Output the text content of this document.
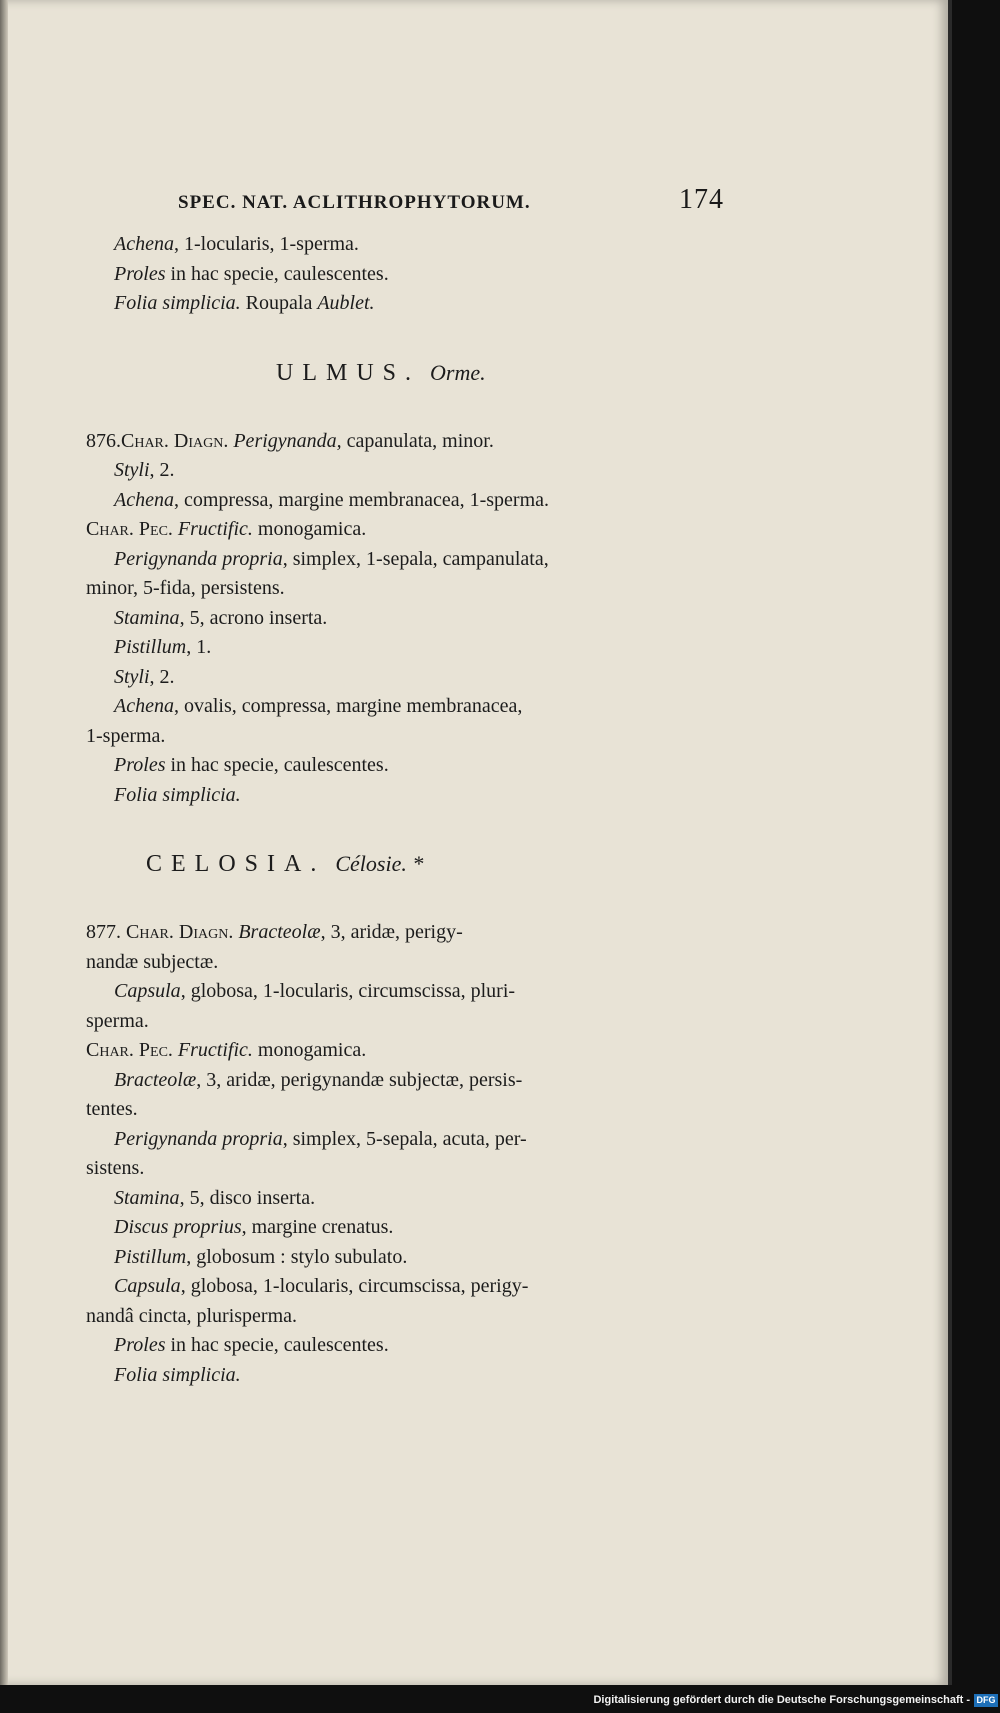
SPEC. NAT. ACLITHROPHYTORUM.	174
Achena, 1-locularis, 1-sperma.
Proles in hac specie, caulescentes.
Folia simplicia. Roupala Aublet.
ULMUS. Orme.
876.Char. Diagn. Perigynanda, capanulata, minor.
Styli, 2.
Achena, compressa, margine membranacea, 1-sperma.
Char. Pec. Fructific. monogamica.
Perigynanda propria, simplex, 1-sepala, campanulata,
minor, 5-fida, persistens.
Stamina, 5, acrono inserta.
Pistillum, 1.
Styli, 2.
Achena, ovalis, compressa, margine membranacea,
1-sperma.
Proles in hac specie, caulescentes.
Folia simplicia.
CELOSIA. Célosie. *
877. Char. Diagn. Bracteolæ, 3, aridæ, perigy-
nandæ subjectæ.
Capsula, globosa, 1-locularis, circumscissa, pluri-
sperma.
Char. Pec. Fructific. monogamica.
Bracteolæ, 3, aridæ, perigynandæ subjectæ, persis-
tentes.
Perigynanda propria, simplex, 5-sepala, acuta, per-
sistens.
Stamina, 5, disco inserta.
Discus proprius, margine crenatus.
Pistillum, globosum : stylo subulato.
Capsula, globosa, 1-locularis, circumscissa, perigy-
nandâ cincta, plurisperma.
Proles in hac specie, caulescentes.
Folia simplicia.
Digitalisierung gefördert durch die Deutsche Forschungsgemeinschaft - DFG
